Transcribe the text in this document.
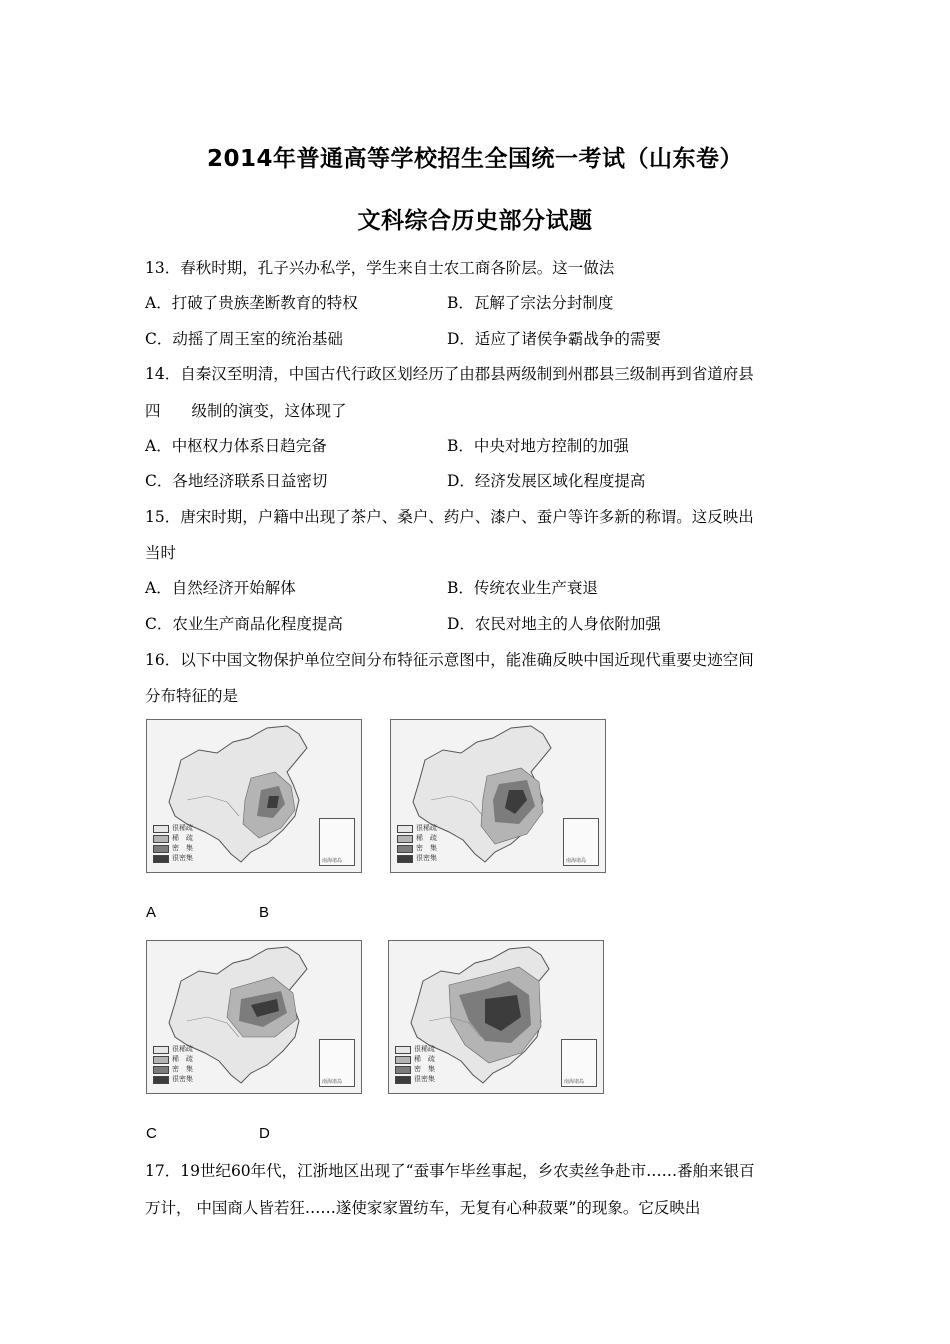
2014年普通高等学校招生全国统一考试（山东卷）
文科综合历史部分试题
13．春秋时期，孔子兴办私学，学生来自士农工商各阶层。这一做法
A．打破了贵族垄断教育的特权	B．瓦解了宗法分封制度
C．动摇了周王室的统治基础	D．适应了诸侯争霸战争的需要
14．自秦汉至明清，中国古代行政区划经历了由郡县两级制到州郡县三级制再到省道府县
四　　级制的演变，这体现了
A．中枢权力体系日趋完备	B．中央对地方控制的加强
C．各地经济联系日益密切	D．经济发展区域化程度提高
15．唐宋时期，户籍中出现了茶户、桑户、药户、漆户、蚕户等许多新的称谓。这反映出
当时
A．自然经济开始解体	B．传统农业生产衰退
C．农业生产商品化程度提高	D．农民对地主的人身依附加强
16．以下中国文物保护单位空间分布特征示意图中，能准确反映中国近现代重要史迹空间
分布特征的是
很稀疏
稀　疏
密　集
很密集	南海诸岛
很稀疏
稀　疏
密　集
很密集	南海诸岛
A	B
很稀疏
稀　疏
密　集
很密集	南海诸岛
很稀疏
稀　疏
密　集
很密集	南海诸岛
C	D
17．19世纪60年代，江浙地区出现了“蚕事乍毕丝事起，乡农卖丝争赴市……番舶来银百
万计， 中国商人皆若狂……遂使家家置纺车，无复有心种菽粟”的现象。它反映出
